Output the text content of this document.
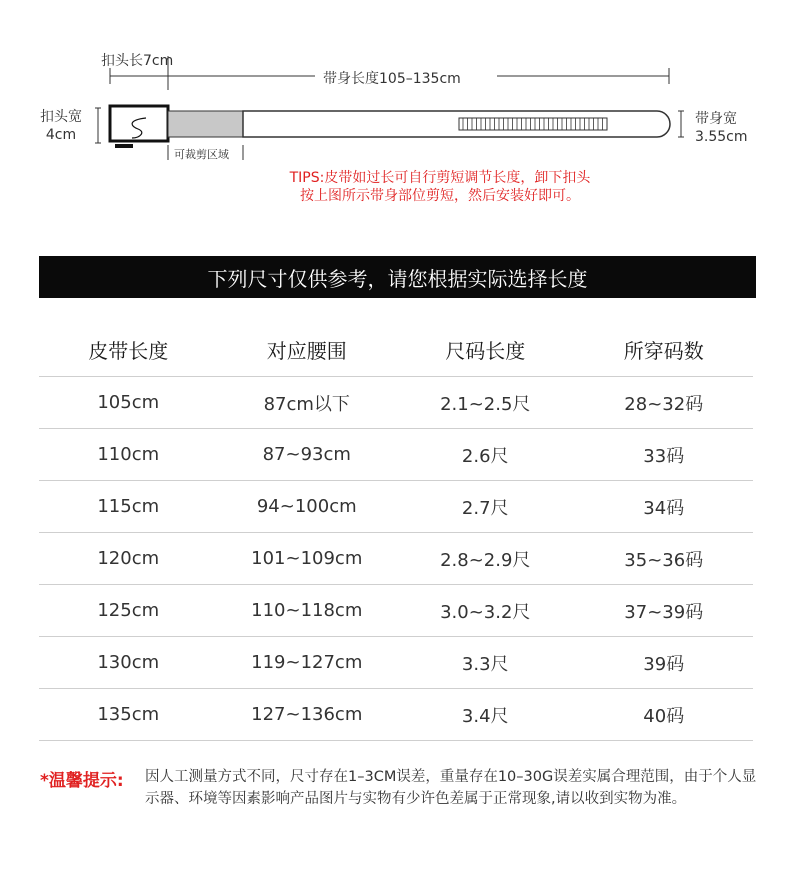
扣头长7cm
带身长度105–135cm
扣头宽
4cm
可裁剪区域
带身宽
3.55cm
TIPS:皮带如过长可自行剪短调节长度，卸下扣头
按上图所示带身部位剪短，然后安装好即可。
下列尺寸仅供参考，请您根据实际选择长度
皮带长度	对应腰围	尺码长度	所穿码数
105cm	87cm以下	2.1~2.5尺	28~32码
110cm	87~93cm	2.6尺	33码
115cm	94~100cm	2.7尺	34码
120cm	101~109cm	2.8~2.9尺	35~36码
125cm	110~118cm	3.0~3.2尺	37~39码
130cm	119~127cm	3.3尺	39码
135cm	127~136cm	3.4尺	40码
*温馨提示: 因人工测量方式不同，尺寸存在1–3CM误差，重量存在10–30G误差实属合理范围，由于个人显示器、环境等因素影响产品图片与实物有少许色差属于正常现象,请以收到实物为准。
